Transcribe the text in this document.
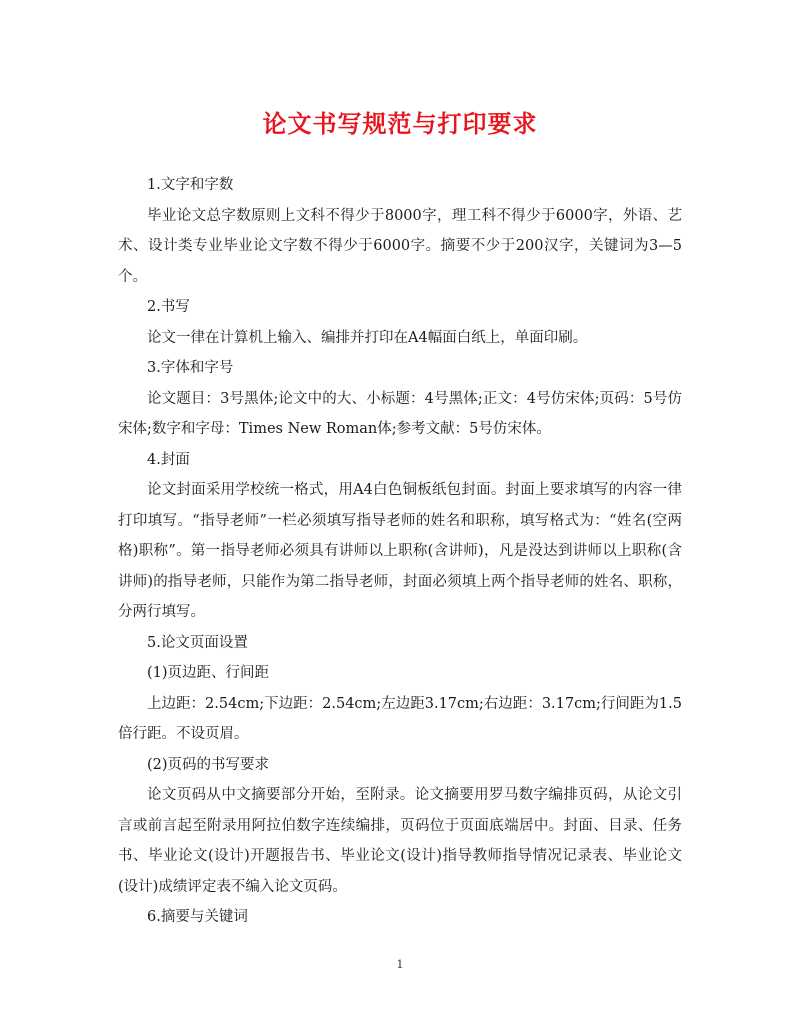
论文书写规范与打印要求

1.文字和字数

毕业论文总字数原则上文科不得少于8000字，理工科不得少于6000字，外语、艺术、设计类专业毕业论文字数不得少于6000字。摘要不少于200汉字，关键词为3—5个。

2.书写

论文一律在计算机上输入、编排并打印在A4幅面白纸上，单面印刷。

3.字体和字号

论文题目：3号黑体;论文中的大、小标题：4号黑体;正文：4号仿宋体;页码：5号仿宋体;数字和字母：Times New Roman体;参考文献：5号仿宋体。

4.封面

论文封面采用学校统一格式，用A4白色铜板纸包封面。封面上要求填写的内容一律打印填写。“指导老师”一栏必须填写指导老师的姓名和职称，填写格式为：“姓名(空两格)职称”。第一指导老师必须具有讲师以上职称(含讲师)，凡是没达到讲师以上职称(含讲师)的指导老师，只能作为第二指导老师，封面必须填上两个指导老师的姓名、职称，分两行填写。

5.论文页面设置

(1)页边距、行间距

上边距：2.54cm;下边距：2.54cm;左边距3.17cm;右边距：3.17cm;行间距为1.5倍行距。不设页眉。

(2)页码的书写要求

论文页码从中文摘要部分开始，至附录。论文摘要用罗马数字编排页码，从论文引言或前言起至附录用阿拉伯数字连续编排，页码位于页面底端居中。封面、目录、任务书、毕业论文(设计)开题报告书、毕业论文(设计)指导教师指导情况记录表、毕业论文(设计)成绩评定表不编入论文页码。

6.摘要与关键词

1
